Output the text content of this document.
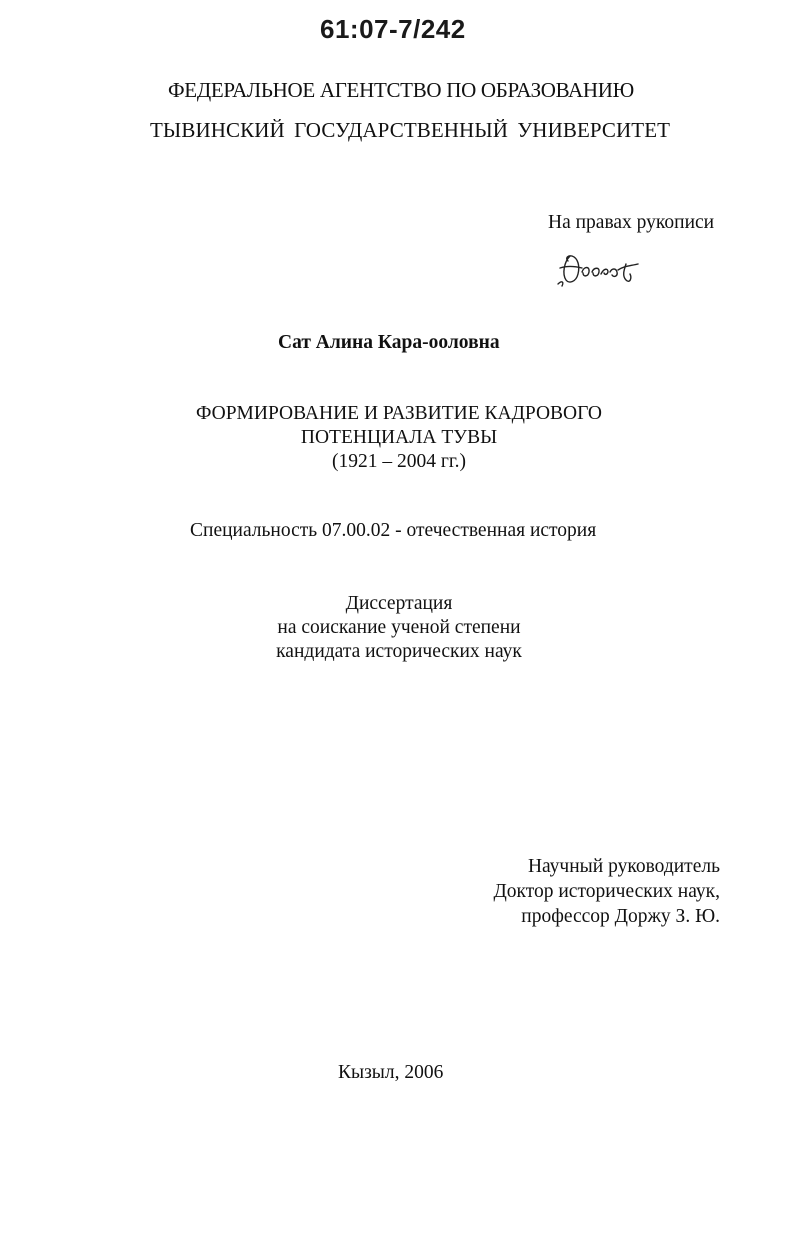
61:07-7/242
ФЕДЕРАЛЬНОЕ АГЕНТСТВО ПО ОБРАЗОВАНИЮ
ТЫВИНСКИЙ ГОСУДАРСТВЕННЫЙ УНИВЕРСИТЕТ
На правах рукописи
Сат Алина Кара-ооловна
ФОРМИРОВАНИЕ И РАЗВИТИЕ КАДРОВОГО
ПОТЕНЦИАЛА ТУВЫ
(1921 – 2004 гг.)
Специальность 07.00.02 - отечественная история
Диссертация
на соискание ученой степени
кандидата исторических наук
Научный руководитель
Доктор исторических наук,
профессор Доржу З. Ю.
Кызыл, 2006
